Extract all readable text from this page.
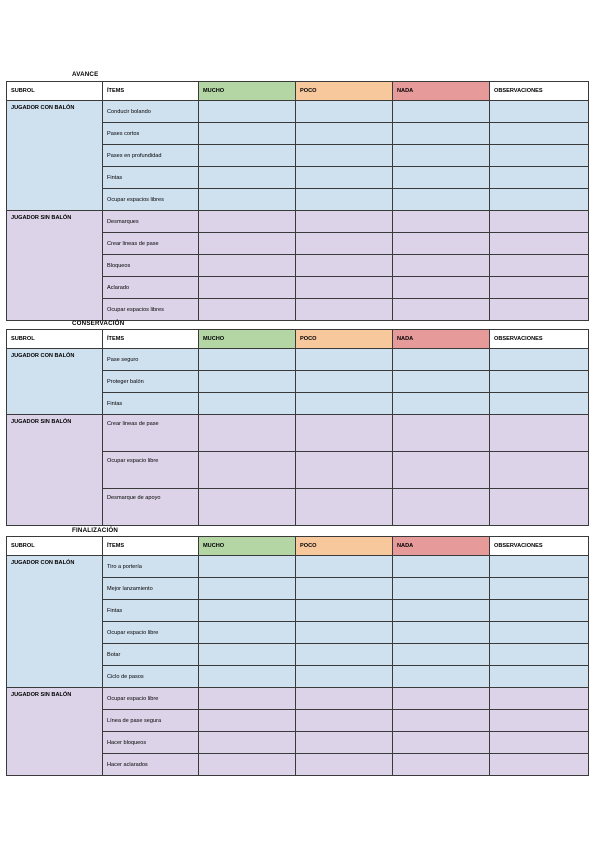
AVANCE
SUBROL	ÍTEMS	MUCHO	POCO	NADA	OBSERVACIONES
JUGADOR CON BALÓN	Conducir bolando				
	Pases cortos				
	Pases en profundidad				
	Fintas				
	Ocupar espacios libres				
JUGADOR SIN BALÓN	Desmarques				
	Crear lineas de pase				
	Bloqueos				
	Aclarado				
	Ocupar espacios libres				
CONSERVACIÓN
SUBROL	ÍTEMS	MUCHO	POCO	NADA	OBSERVACIONES
JUGADOR CON BALÓN	Pase seguro				
	Proteger balón				
	Fintas				
JUGADOR SIN BALÓN	Crear lineas de pase				
	Ocupar espacio libre				
	Desmarque de apoyo				
FINALIZACIÓN
SUBROL	ÍTEMS	MUCHO	POCO	NADA	OBSERVACIONES
JUGADOR CON BALÓN	Tiro a portería				
	Mejor lanzamiento				
	Fintas				
	Ocupar espacio libre				
	Botar				
	Ciclo de pasos				
JUGADOR SIN BALÓN	Ocupar espacio libre				
	Línea de pase segura				
	Hacer bloqueos				
	Hacer aclarados				
